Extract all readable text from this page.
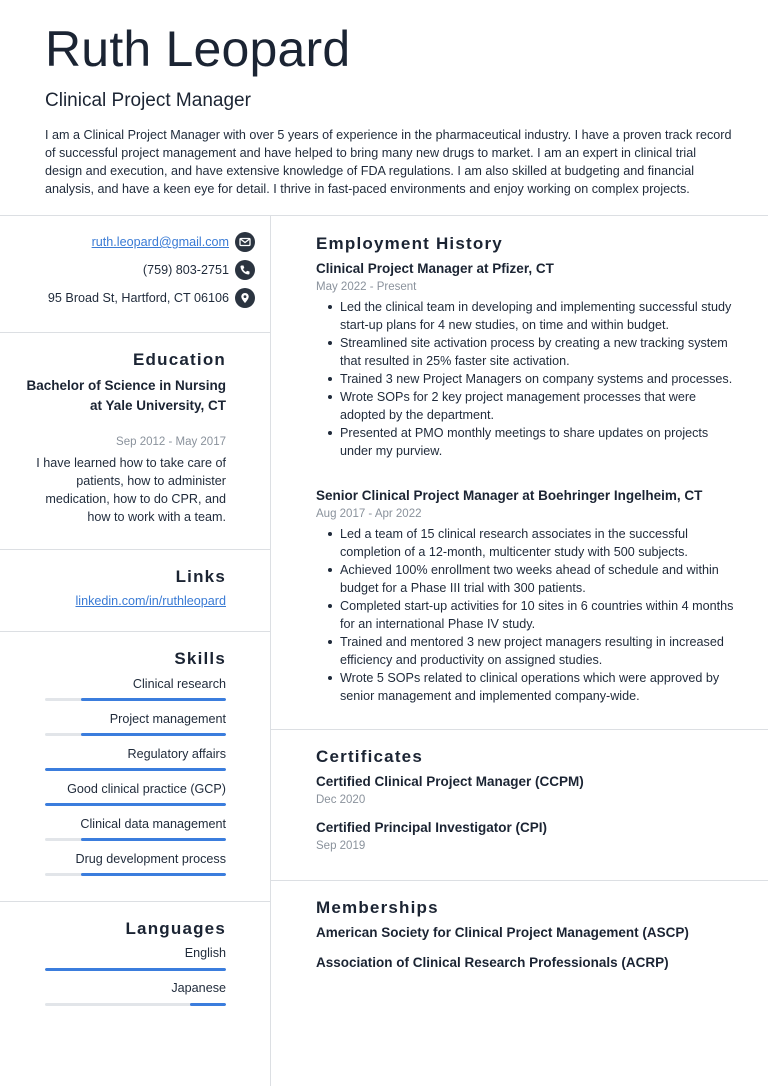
Ruth Leopard
Clinical Project Manager
I am a Clinical Project Manager with over 5 years of experience in the pharmaceutical industry. I have a proven track record of successful project management and have helped to bring many new drugs to market. I am an expert in clinical trial design and execution, and have extensive knowledge of FDA regulations. I am also skilled at budgeting and financial analysis, and have a keen eye for detail. I thrive in fast-paced environments and enjoy working on complex projects.
ruth.leopard@gmail.com
(759) 803-2751
95 Broad St, Hartford, CT 06106
Education
Bachelor of Science in Nursing at Yale University, CT
Sep 2012 - May 2017
I have learned how to take care of patients, how to administer medication, how to do CPR, and how to work with a team.
Links
linkedin.com/in/ruthleopard
Skills
Clinical research
Project management
Regulatory affairs
Good clinical practice (GCP)
Clinical data management
Drug development process
Languages
English
Japanese
Employment History
Clinical Project Manager at Pfizer, CT
May 2022 - Present
Led the clinical team in developing and implementing successful study start-up plans for 4 new studies, on time and within budget.
Streamlined site activation process by creating a new tracking system that resulted in 25% faster site activation.
Trained 3 new Project Managers on company systems and processes.
Wrote SOPs for 2 key project management processes that were adopted by the department.
Presented at PMO monthly meetings to share updates on projects under my purview.
Senior Clinical Project Manager at Boehringer Ingelheim, CT
Aug 2017 - Apr 2022
Led a team of 15 clinical research associates in the successful completion of a 12-month, multicenter study with 500 subjects.
Achieved 100% enrollment two weeks ahead of schedule and within budget for a Phase III trial with 300 patients.
Completed start-up activities for 10 sites in 6 countries within 4 months for an international Phase IV study.
Trained and mentored 3 new project managers resulting in increased efficiency and productivity on assigned studies.
Wrote 5 SOPs related to clinical operations which were approved by senior management and implemented company-wide.
Certificates
Certified Clinical Project Manager (CCPM)
Dec 2020
Certified Principal Investigator (CPI)
Sep 2019
Memberships
American Society for Clinical Project Management (ASCP)
Association of Clinical Research Professionals (ACRP)
